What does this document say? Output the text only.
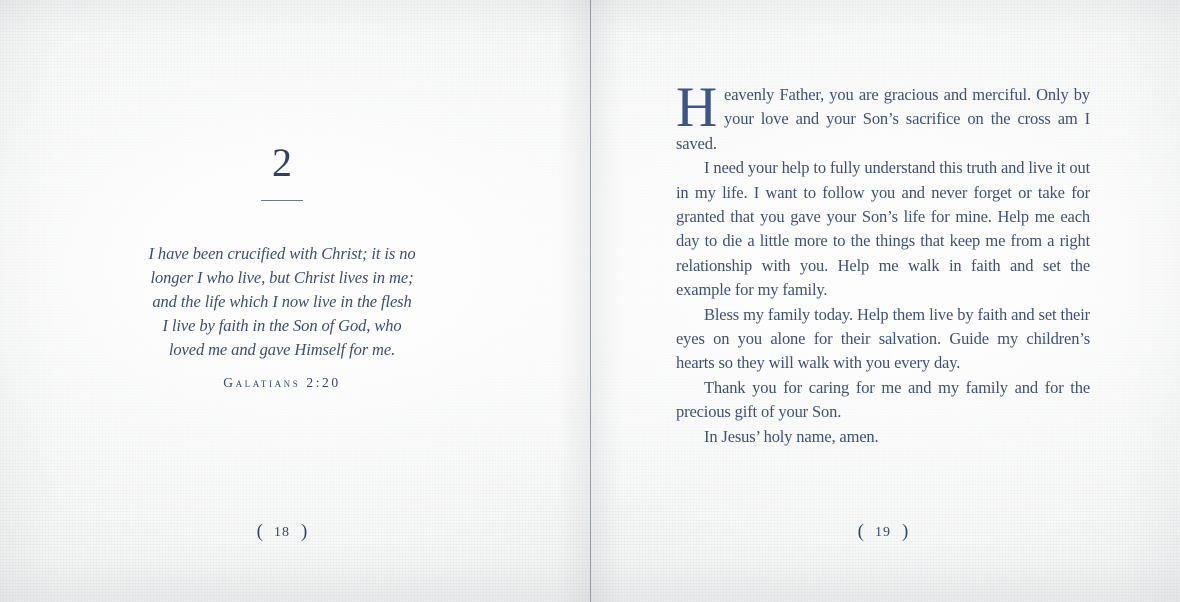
2
I have been crucified with Christ; it is no
longer I who live, but Christ lives in me;
and the life which I now live in the flesh
I live by faith in the Son of God, who
loved me and gave Himself for me.
Galatians 2:20
( 18 )

Heavenly Father, you are gracious and merciful. Only by your love and your Son’s sacrifice on the cross am I saved.

I need your help to fully understand this truth and live it out in my life. I want to follow you and never forget or take for granted that you gave your Son’s life for mine. Help me each day to die a little more to the things that keep me from a right relationship with you. Help me walk in faith and set the example for my family.

Bless my family today. Help them live by faith and set their eyes on you alone for their salvation. Guide my children’s hearts so they will walk with you every day.

Thank you for caring for me and my family and for the precious gift of your Son.

In Jesus’ holy name, amen.

( 19 )
